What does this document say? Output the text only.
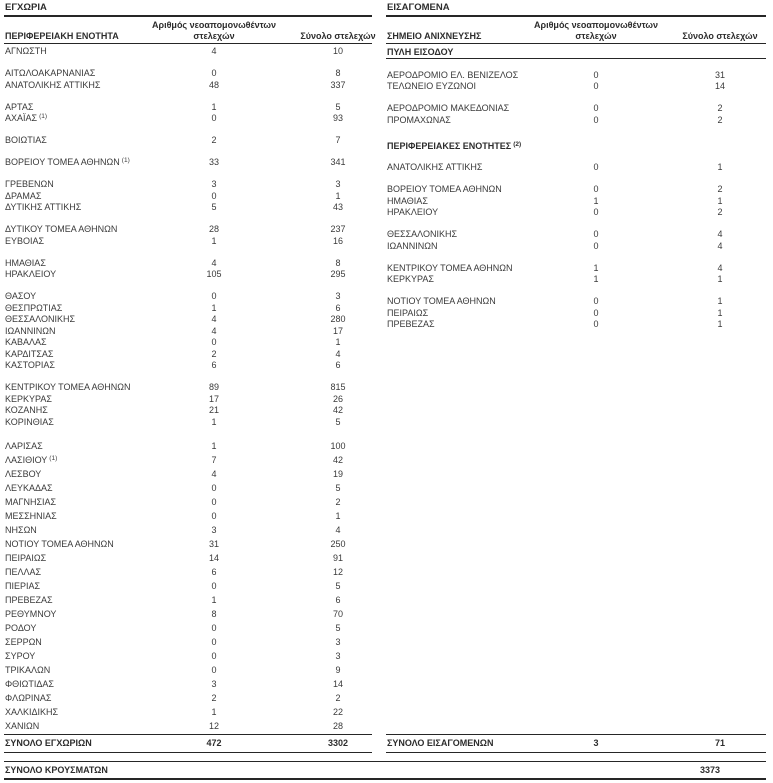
ΕΓΧΩΡΙΑ
ΠΕΡΙΦΕΡΕΙΑΚΗ ΕΝΟΤΗΤΑ
Αριθμός νεοαπομονωθέντων
στελεχών	Σύνολο στελεχών
ΑΓΝΩΣΤΗ	4	10
ΑΙΤΩΛΟΑΚΑΡΝΑΝΙΑΣ	0	8
ΑΝΑΤΟΛΙΚΗΣ ΑΤΤΙΚΗΣ	48	337
ΑΡΤΑΣ	1	5
ΑΧΑΪΑΣ $^{(1)}$	0	93
ΒΟΙΩΤΙΑΣ	2	7
ΒΟΡΕΙΟΥ ΤΟΜΕΑ ΑΘΗΝΩΝ $^{(1)}$	33	341
ΓΡΕΒΕΝΩΝ	3	3
ΔΡΑΜΑΣ	0	1
ΔΥΤΙΚΗΣ ΑΤΤΙΚΗΣ	5	43
ΔΥΤΙΚΟΥ ΤΟΜΕΑ ΑΘΗΝΩΝ	28	237
ΕΥΒΟΙΑΣ	1	16
ΗΜΑΘΙΑΣ	4	8
ΗΡΑΚΛΕΙΟΥ	105	295
ΘΑΣΟΥ	0	3
ΘΕΣΠΡΩΤΙΑΣ	1	6
ΘΕΣΣΑΛΟΝΙΚΗΣ	4	280
ΙΩΑΝΝΙΝΩΝ	4	17
ΚΑΒΑΛΑΣ	0	1
ΚΑΡΔΙΤΣΑΣ	2	4
ΚΑΣΤΟΡΙΑΣ	6	6
ΚΕΝΤΡΙΚΟΥ ΤΟΜΕΑ ΑΘΗΝΩΝ	89	815
ΚΕΡΚΥΡΑΣ	17	26
ΚΟΖΑΝΗΣ	21	42
ΚΟΡΙΝΘΙΑΣ	1	5
ΛΑΡΙΣΑΣ	1	100
ΛΑΣΙΘΙΟΥ $^{(1)}$	7	42
ΛΕΣΒΟΥ	4	19
ΛΕΥΚΑΔΑΣ	0	5
ΜΑΓΝΗΣΙΑΣ	0	2
ΜΕΣΣΗΝΙΑΣ	0	1
ΝΗΣΩΝ	3	4
ΝΟΤΙΟΥ ΤΟΜΕΑ ΑΘΗΝΩΝ	31	250
ΠΕΙΡΑΙΩΣ	14	91
ΠΕΛΛΑΣ	6	12
ΠΙΕΡΙΑΣ	0	5
ΠΡΕΒΕΖΑΣ	1	6
ΡΕΘΥΜΝΟΥ	8	70
ΡΟΔΟΥ	0	5
ΣΕΡΡΩΝ	0	3
ΣΥΡΟΥ	0	3
ΤΡΙΚΑΛΩΝ	0	9
ΦΘΙΩΤΙΔΑΣ	3	14
ΦΛΩΡΙΝΑΣ	2	2
ΧΑΛΚΙΔΙΚΗΣ	1	22
ΧΑΝΙΩΝ	12	28
ΕΙΣΑΓΟΜΕΝΑ
ΣΗΜΕΙΟ ΑΝΙΧΝΕΥΣΗΣ
Αριθμός νεοαπομονωθέντων
στελεχών	Σύνολο στελεχών
ΠΥΛΗ ΕΙΣΟΔΟΥ
ΑΕΡΟΔΡΟΜΙΟ ΕΛ. ΒΕΝΙΖΕΛΟΣ	0	31
ΤΕΛΩΝΕΙΟ ΕΥΖΩΝΟΙ	0	14
ΑΕΡΟΔΡΟΜΙΟ ΜΑΚΕΔΟΝΙΑΣ	0	2
ΠΡΟΜΑΧΩΝΑΣ	0	2
ΠΕΡΙΦΕΡΕΙΑΚΕΣ ΕΝΟΤΗΤΕΣ $^{(2)}$
ΑΝΑΤΟΛΙΚΗΣ ΑΤΤΙΚΗΣ	0	1
ΒΟΡΕΙΟΥ ΤΟΜΕΑ ΑΘΗΝΩΝ	0	2
ΗΜΑΘΙΑΣ	1	1
ΗΡΑΚΛΕΙΟΥ	0	2
ΘΕΣΣΑΛΟΝΙΚΗΣ	0	4
ΙΩΑΝΝΙΝΩΝ	0	4
ΚΕΝΤΡΙΚΟΥ ΤΟΜΕΑ ΑΘΗΝΩΝ	1	4
ΚΕΡΚΥΡΑΣ	1	1
ΝΟΤΙΟΥ ΤΟΜΕΑ ΑΘΗΝΩΝ	0	1
ΠΕΙΡΑΙΩΣ	0	1
ΠΡΕΒΕΖΑΣ	0	1
ΣΥΝΟΛΟ ΕΓΧΩΡΙΩΝ	472	3302	ΣΥΝΟΛΟ ΕΙΣΑΓΟΜΕΝΩΝ	3	71
ΣΥΝΟΛΟ ΚΡΟΥΣΜΑΤΩΝ	3373
